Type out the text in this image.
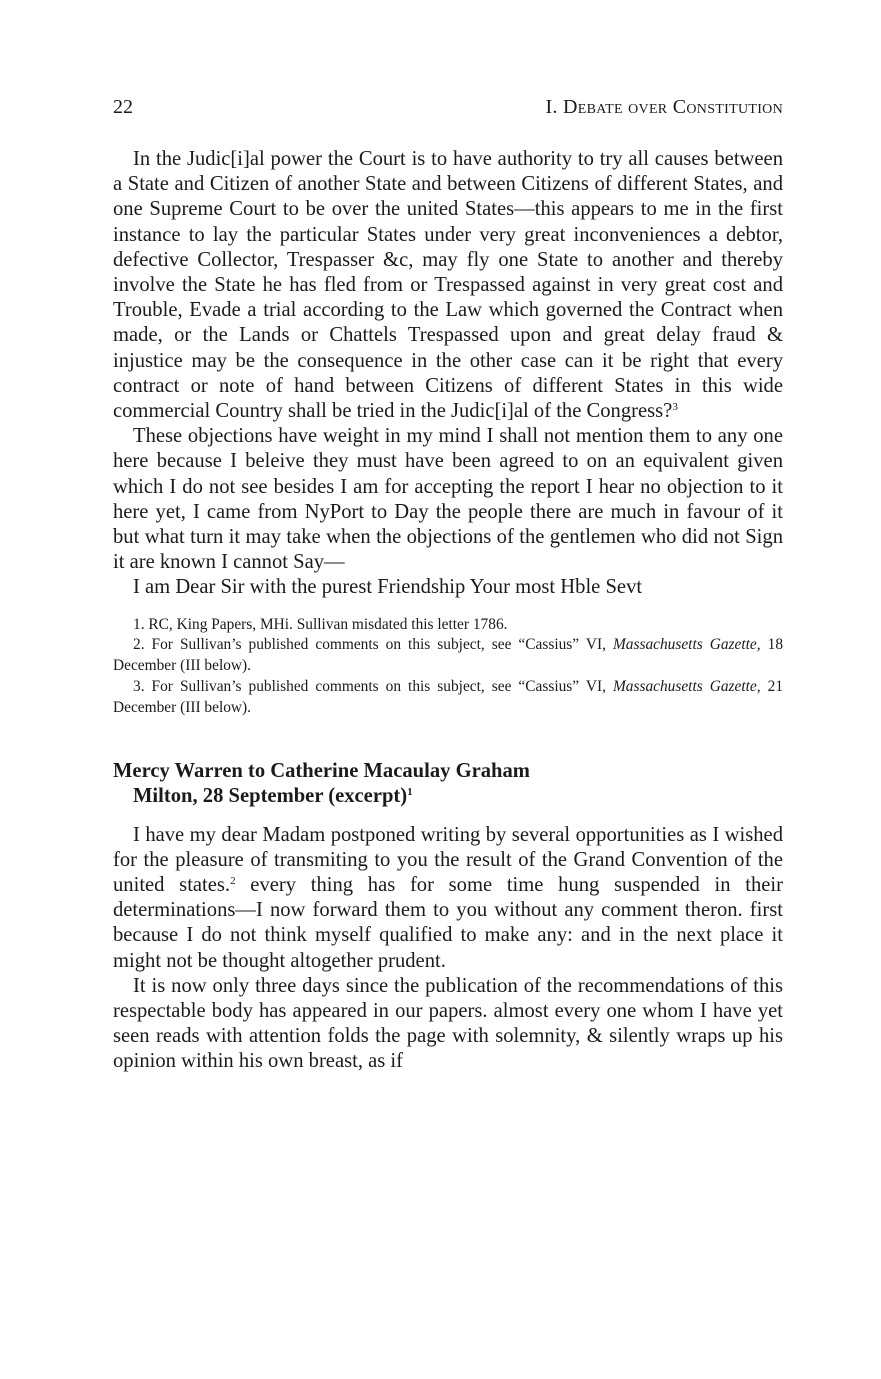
22	I. Debate over Constitution

In the Judic[i]al power the Court is to have authority to try all causes between a State and Citizen of another State and between Citizens of different States, and one Supreme Court to be over the united States—this appears to me in the first instance to lay the particular States under very great inconveniences a debtor, defective Collector, Trespasser &c, may fly one State to another and thereby involve the State he has fled from or Trespassed against in very great cost and Trouble, Evade a trial according to the Law which governed the Contract when made, or the Lands or Chattels Trespassed upon and great delay fraud & injustice may be the consequence in the other case can it be right that every contract or note of hand between Citizens of different States in this wide commercial Country shall be tried in the Judic[i]al of the Congress?$^3$

These objections have weight in my mind I shall not mention them to any one here because I beleive they must have been agreed to on an equivalent given which I do not see besides I am for accepting the report I hear no objection to it here yet, I came from NyPort to Day the people there are much in favour of it but what turn it may take when the objections of the gentlemen who did not Sign it are known I cannot Say—

I am Dear Sir with the purest Friendship Your most Hble Sevt

1. RC, King Papers, MHi. Sullivan misdated this letter 1786.

2. For Sullivan’s published comments on this subject, see “Cassius” VI, Massachusetts Gazette, 18 December (III below).

3. For Sullivan’s published comments on this subject, see “Cassius” VI, Massachusetts Gazette, 21 December (III below).

Mercy Warren to Catherine Macaulay Graham
Milton, 28 September (excerpt)$^1$

I have my dear Madam postponed writing by several opportunities as I wished for the pleasure of transmiting to you the result of the Grand Convention of the united states.$^2$ every thing has for some time hung suspended in their determinations—I now forward them to you without any comment theron. first because I do not think myself qualified to make any: and in the next place it might not be thought altogether prudent.

It is now only three days since the publication of the recommendations of this respectable body has appeared in our papers. almost every one whom I have yet seen reads with attention folds the page with solemnity, & silently wraps up his opinion within his own breast, as if
